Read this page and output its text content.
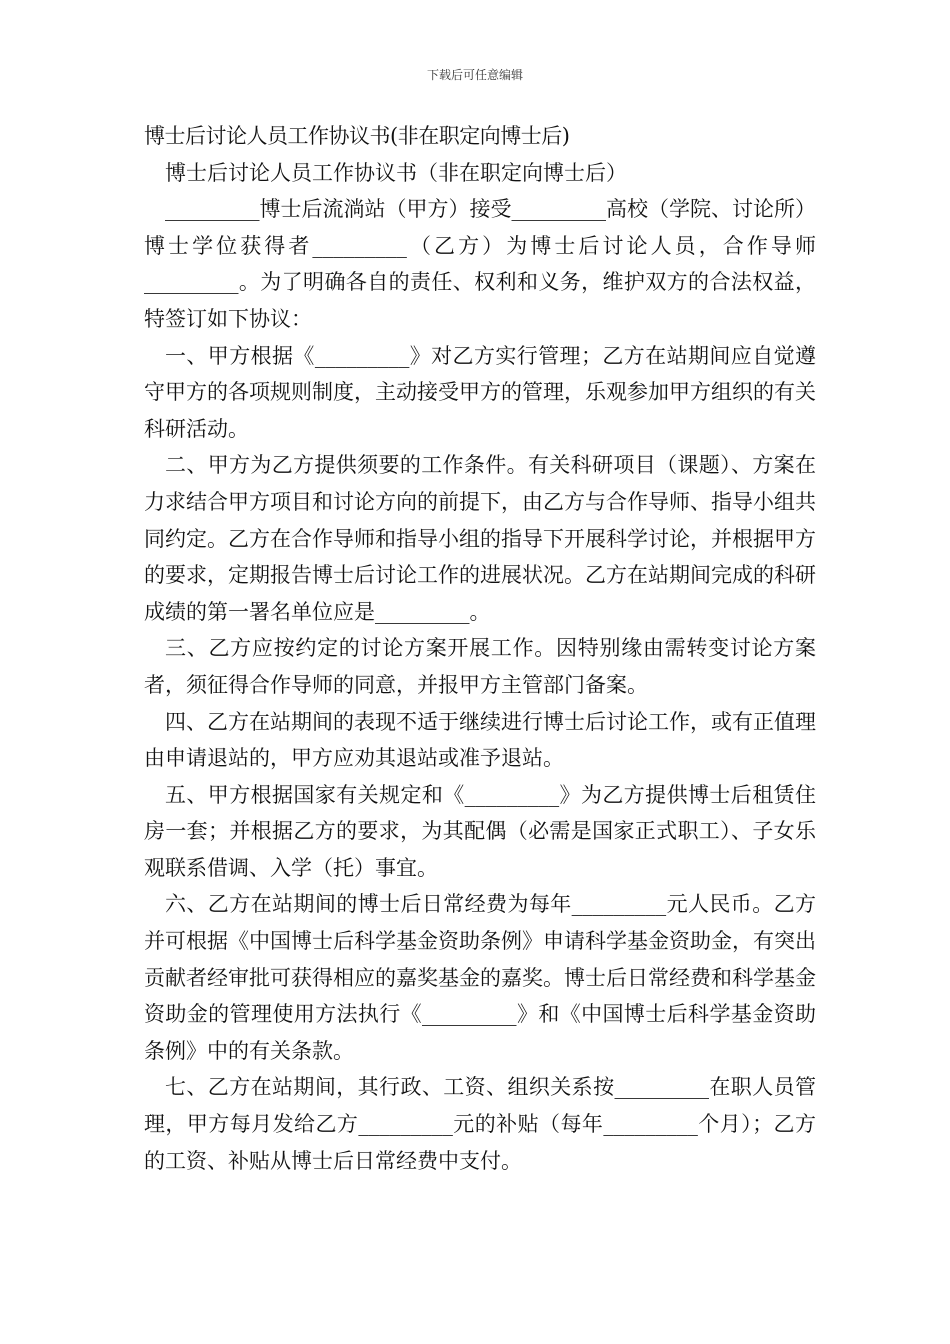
下载后可任意编辑

博士后讨论人员工作协议书(非在职定向博士后)

博士后讨论人员工作协议书（非在职定向博士后）

_________博士后流淌站（甲方）接受_________高校（学院、讨论所）博士学位获得者_________（乙方）为博士后讨论人员，合作导师_________。为了明确各自的责任、权利和义务，维护双方的合法权益，特签订如下协议：

一、甲方根据《_________》对乙方实行管理；乙方在站期间应自觉遵守甲方的各项规则制度，主动接受甲方的管理，乐观参加甲方组织的有关科研活动。

二、甲方为乙方提供须要的工作条件。有关科研项目（课题）、方案在力求结合甲方项目和讨论方向的前提下，由乙方与合作导师、指导小组共同约定。乙方在合作导师和指导小组的指导下开展科学讨论，并根据甲方的要求，定期报告博士后讨论工作的进展状况。乙方在站期间完成的科研成绩的第一署名单位应是_________。

三、乙方应按约定的讨论方案开展工作。因特别缘由需转变讨论方案者，须征得合作导师的同意，并报甲方主管部门备案。

四、乙方在站期间的表现不适于继续进行博士后讨论工作，或有正值理由申请退站的，甲方应劝其退站或准予退站。

五、甲方根据国家有关规定和《_________》为乙方提供博士后租赁住房一套；并根据乙方的要求，为其配偶（必需是国家正式职工）、子女乐观联系借调、入学（托）事宜。

六、乙方在站期间的博士后日常经费为每年_________元人民币。乙方并可根据《中国博士后科学基金资助条例》申请科学基金资助金，有突出贡献者经审批可获得相应的嘉奖基金的嘉奖。博士后日常经费和科学基金资助金的管理使用方法执行《_________》和《中国博士后科学基金资助条例》中的有关条款。

七、乙方在站期间，其行政、工资、组织关系按_________在职人员管理，甲方每月发给乙方_________元的补贴（每年_________个月）；乙方的工资、补贴从博士后日常经费中支付。
